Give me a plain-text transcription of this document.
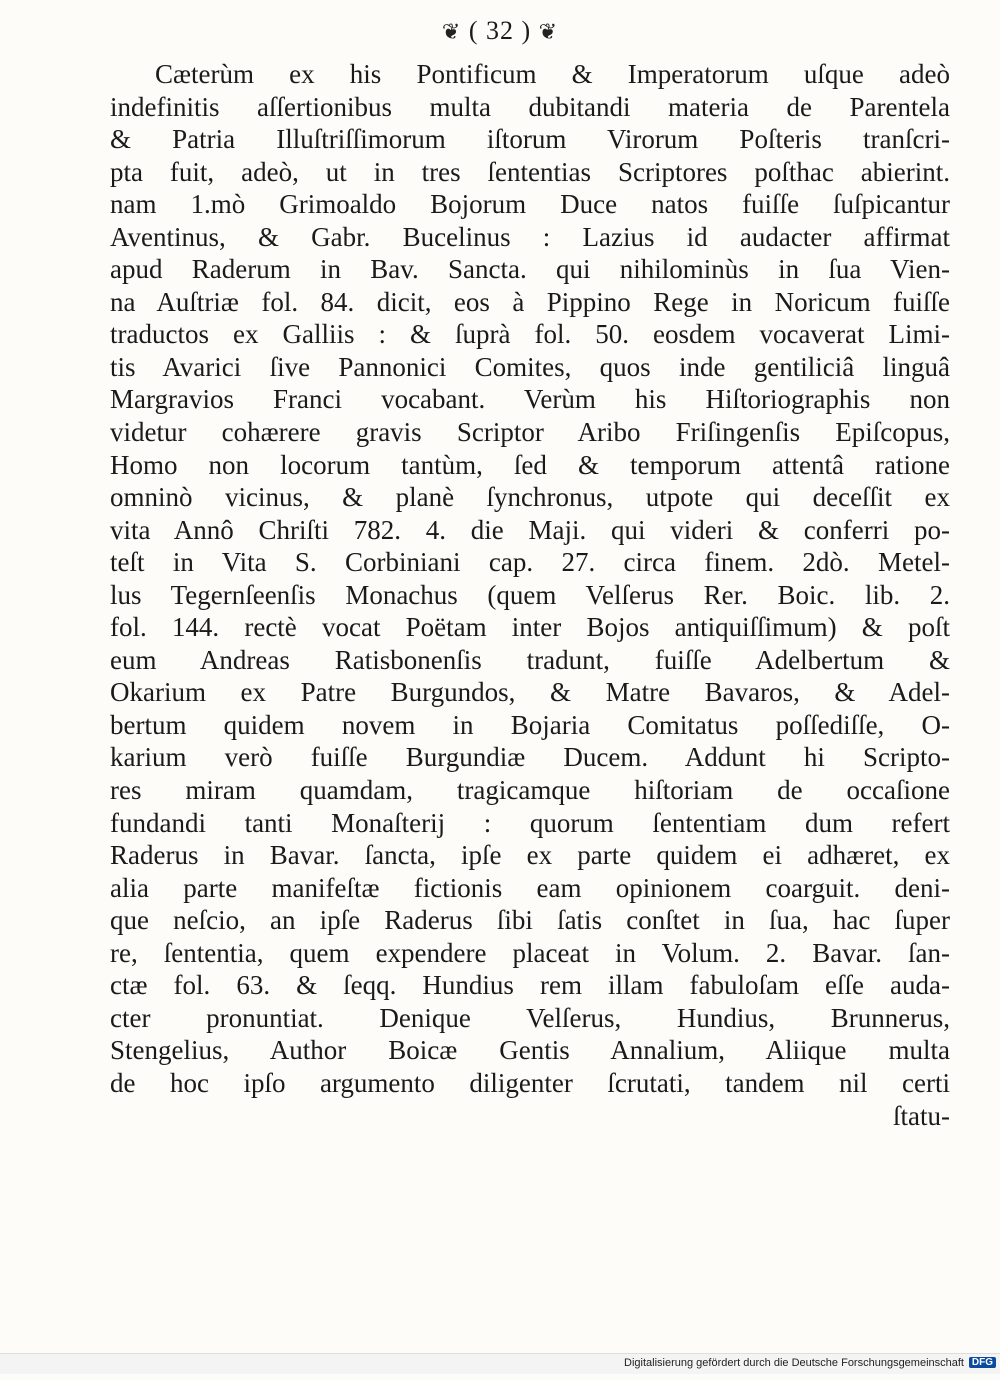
❦ ( 32 ) ❦
Cæterùm ex his Pontificum & Imperatorum uſque adeò
indefinitis aſſertionibus multa dubitandi materia de Parentela
& Patria Illuſtriſſimorum iſtorum Virorum Poſteris tranſcri-
pta fuit, adeò, ut in tres ſententias Scriptores poſthac abierint.
nam 1.mò Grimoaldo Bojorum Duce natos fuiſſe ſuſpicantur
Aventinus, & Gabr. Bucelinus : Lazius id audacter affirmat
apud Raderum in Bav. Sancta. qui nihilominùs in ſua Vien-
na Auſtriæ fol. 84. dicit, eos à Pippino Rege in Noricum fuiſſe
traductos ex Galliis : & ſuprà fol. 50. eosdem vocaverat Limi-
tis Avarici ſive Pannonici Comites, quos inde gentiliciâ linguâ
Margravios Franci vocabant. Verùm his Hiſtoriographis non
videtur cohærere gravis Scriptor Aribo Friſingenſis Epiſcopus,
Homo non locorum tantùm, ſed & temporum attentâ ratione
omninò vicinus, & planè ſynchronus, utpote qui deceſſit ex
vita Annô Chriſti 782. 4. die Maji. qui videri & conferri po-
teſt in Vita S. Corbiniani cap. 27. circa finem. 2dò. Metel-
lus Tegernſeenſis Monachus (quem Velſerus Rer. Boic. lib. 2.
fol. 144. rectè vocat Poëtam inter Bojos antiquiſſimum) & poſt
eum Andreas Ratisbonenſis tradunt, fuiſſe Adelbertum &
Okarium ex Patre Burgundos, & Matre Bavaros, & Adel-
bertum quidem novem in Bojaria Comitatus poſſediſſe, O-
karium verò fuiſſe Burgundiæ Ducem. Addunt hi Scripto-
res miram quamdam, tragicamque hiſtoriam de occaſione
fundandi tanti Monaſterij : quorum ſententiam dum refert
Raderus in Bavar. ſancta, ipſe ex parte quidem ei adhæret, ex
alia parte manifeſtæ fictionis eam opinionem coarguit. deni-
que neſcio, an ipſe Raderus ſibi ſatis conſtet in ſua, hac ſuper
re, ſententia, quem expendere placeat in Volum. 2. Bavar. ſan-
ctæ fol. 63. & ſeqq. Hundius rem illam fabuloſam eſſe auda-
cter pronuntiat. Denique Velſerus, Hundius, Brunnerus,
Stengelius, Author Boicæ Gentis Annalium, Aliique multa
de hoc ipſo argumento diligenter ſcrutati, tandem nil certi
ſtatu-
Digitalisierung gefördert durch die Deutsche Forschungsgemeinschaft DFG
